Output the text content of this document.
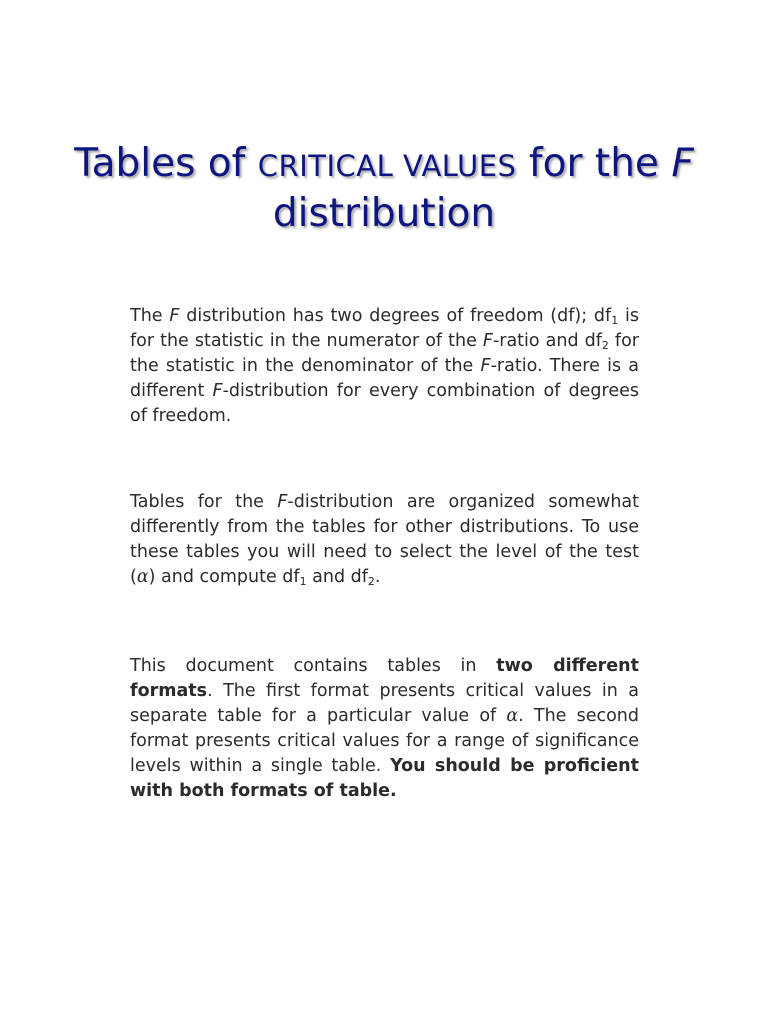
Tables of CRITICAL VALUES for the F distribution

The F distribution has two degrees of freedom (df); $df_1$ is for the statistic in the numerator of the F-ratio and $df_2$ for the statistic in the denominator of the F-ratio. There is a different F-distribution for every combination of degrees of freedom.

Tables for the F-distribution are organized somewhat differently from the tables for other distributions. To use these tables you will need to select the level of the test (α) and compute $df_1$ and $df_2$.

This document contains tables in two different formats. The first format presents critical values in a separate table for a particular value of α. The second format presents critical values for a range of significance levels within a single table. You should be proficient with both formats of table.
